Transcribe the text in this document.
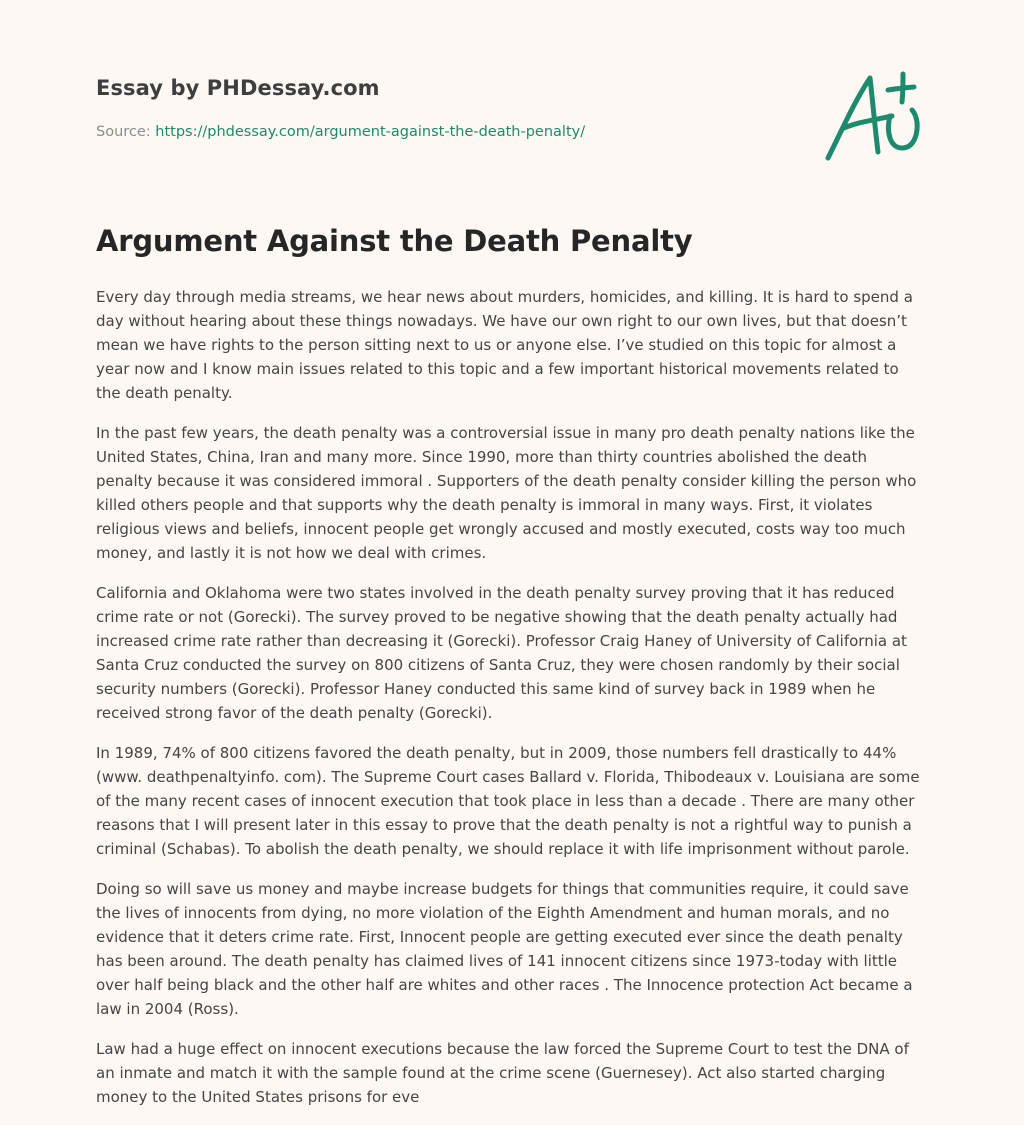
Essay by PHDessay.com

Source: https://phdessay.com/argument-against-the-death-penalty/

Argument Against the Death Penalty

Every day through media streams, we hear news about murders, homicides, and killing. It is hard to spend a day without hearing about these things nowadays. We have our own right to our own lives, but that doesn’t mean we have rights to the person sitting next to us or anyone else. I’ve studied on this topic for almost a year now and I know main issues related to this topic and a few important historical movements related to the death penalty.

In the past few years, the death penalty was a controversial issue in many pro death penalty nations like the United States, China, Iran and many more. Since 1990, more than thirty countries abolished the death penalty because it was considered immoral . Supporters of the death penalty consider killing the person who killed others people and that supports why the death penalty is immoral in many ways. First, it violates religious views and beliefs, innocent people get wrongly accused and mostly executed, costs way too much money, and lastly it is not how we deal with crimes.

California and Oklahoma were two states involved in the death penalty survey proving that it has reduced crime rate or not (Gorecki). The survey proved to be negative showing that the death penalty actually had increased crime rate rather than decreasing it (Gorecki). Professor Craig Haney of University of California at Santa Cruz conducted the survey on 800 citizens of Santa Cruz, they were chosen randomly by their social security numbers (Gorecki). Professor Haney conducted this same kind of survey back in 1989 when he received strong favor of the death penalty (Gorecki).

In 1989, 74% of 800 citizens favored the death penalty, but in 2009, those numbers fell drastically to 44% (www. deathpenaltyinfo. com). The Supreme Court cases Ballard v. Florida, Thibodeaux v. Louisiana are some of the many recent cases of innocent execution that took place in less than a decade . There are many other reasons that I will present later in this essay to prove that the death penalty is not a rightful way to punish a criminal (Schabas). To abolish the death penalty, we should replace it with life imprisonment without parole.

Doing so will save us money and maybe increase budgets for things that communities require, it could save the lives of innocents from dying, no more violation of the Eighth Amendment and human morals, and no evidence that it deters crime rate. First, Innocent people are getting executed ever since the death penalty has been around. The death penalty has claimed lives of 141 innocent citizens since 1973-today with little over half being black and the other half are whites and other races . The Innocence protection Act became a law in 2004 (Ross).

Law had a huge effect on innocent executions because the law forced the Supreme Court to test the DNA of an inmate and match it with the sample found at the crime scene (Guernesey). Act also started charging money to the United States prisons for eve
